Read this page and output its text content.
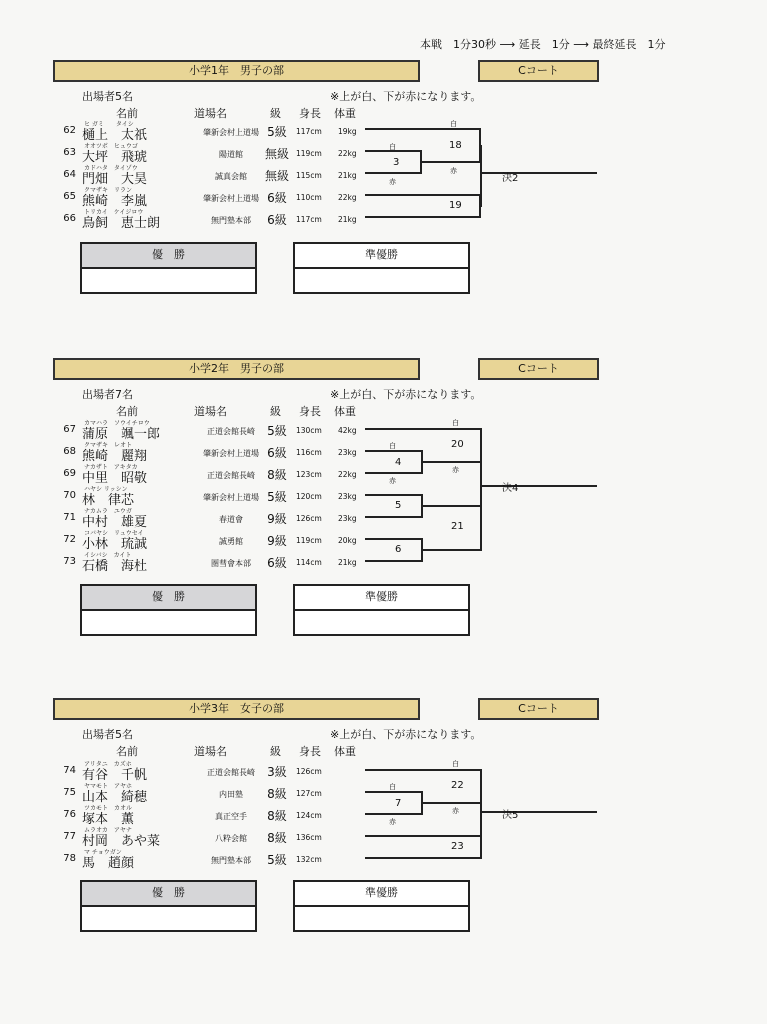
本戦　1分30秒 ⟶ 延長　1分 ⟶ 最終延長　1分
小学1年　男子の部	Cコート
出場者5名	※上が白、下が赤になります。
名前	道場名	級 身長 体重
ヒ ガミ　　タイシ
62 樋上　太祇	肇新会村上道場 5級	117cm 19kg
オオツボ　ヒュウゴ
63 大坪　飛琥	陽道館	無級 119cm 22kg
カドハタ　タイゾウ
64 門畑　大昊	誠真会館	無級 115cm 21kg
クマザキ　リラン
65 熊崎　李嵐	肇新会村上道場 6級	110cm 22kg
トリカイ　ケイジロウ
66 鳥飼　恵士朗	無門塾本部	6級	117cm 21kg
白
白
赤
赤
3
18
19
決2
優　勝	準優勝
小学2年　男子の部	Cコート
出場者7名	※上が白、下が赤になります。
名前	道場名	級 身長 体重
カマハラ　ソウイチロウ
67 蒲原　颯一郎	正道会館長崎	5級	130cm 42kg
クマザキ　レオト
68 熊崎　麗翔	肇新会村上道場 6級	116cm 23kg
ナカザト　アキタカ
69 中里　昭敬	正道会館長崎	8級	123cm 22kg
ハヤシ リッシン
70 林　律芯	肇新会村上道場 5級	120cm 23kg
ナカムラ　ユウガ
71 中村　雄夏	春道會	9級	126cm 23kg
コバヤシ　リュウセイ
72 小林　琉誠	誠勇館	9級	119cm 20kg
イシバシ　カイト
73 石橋　海杜	圏彗會本部	6級	114cm 21kg
白
白
赤
赤
4
20
5
6
21
決4
優　勝	準優勝
小学3年　女子の部	Cコート
出場者5名	※上が白、下が赤になります。
名前	道場名	級 身長 体重
アリタニ　カズホ
74 有谷　千帆	正道会館長崎	3級	126cm
ヤマモト　アヤホ
75 山本　綺穂	内田塾	8級	127cm
ツカモト　カオル
76 塚本　薫	真正空手	8級	124cm
ムラオカ　アヤナ
77 村岡　あや菜	八粋会館	8級	136cm
マ チョウガン
78 馬　趙顔	無門塾本部	5級	132cm
白
白
赤
赤
7
22
23
決5
優　勝	準優勝
